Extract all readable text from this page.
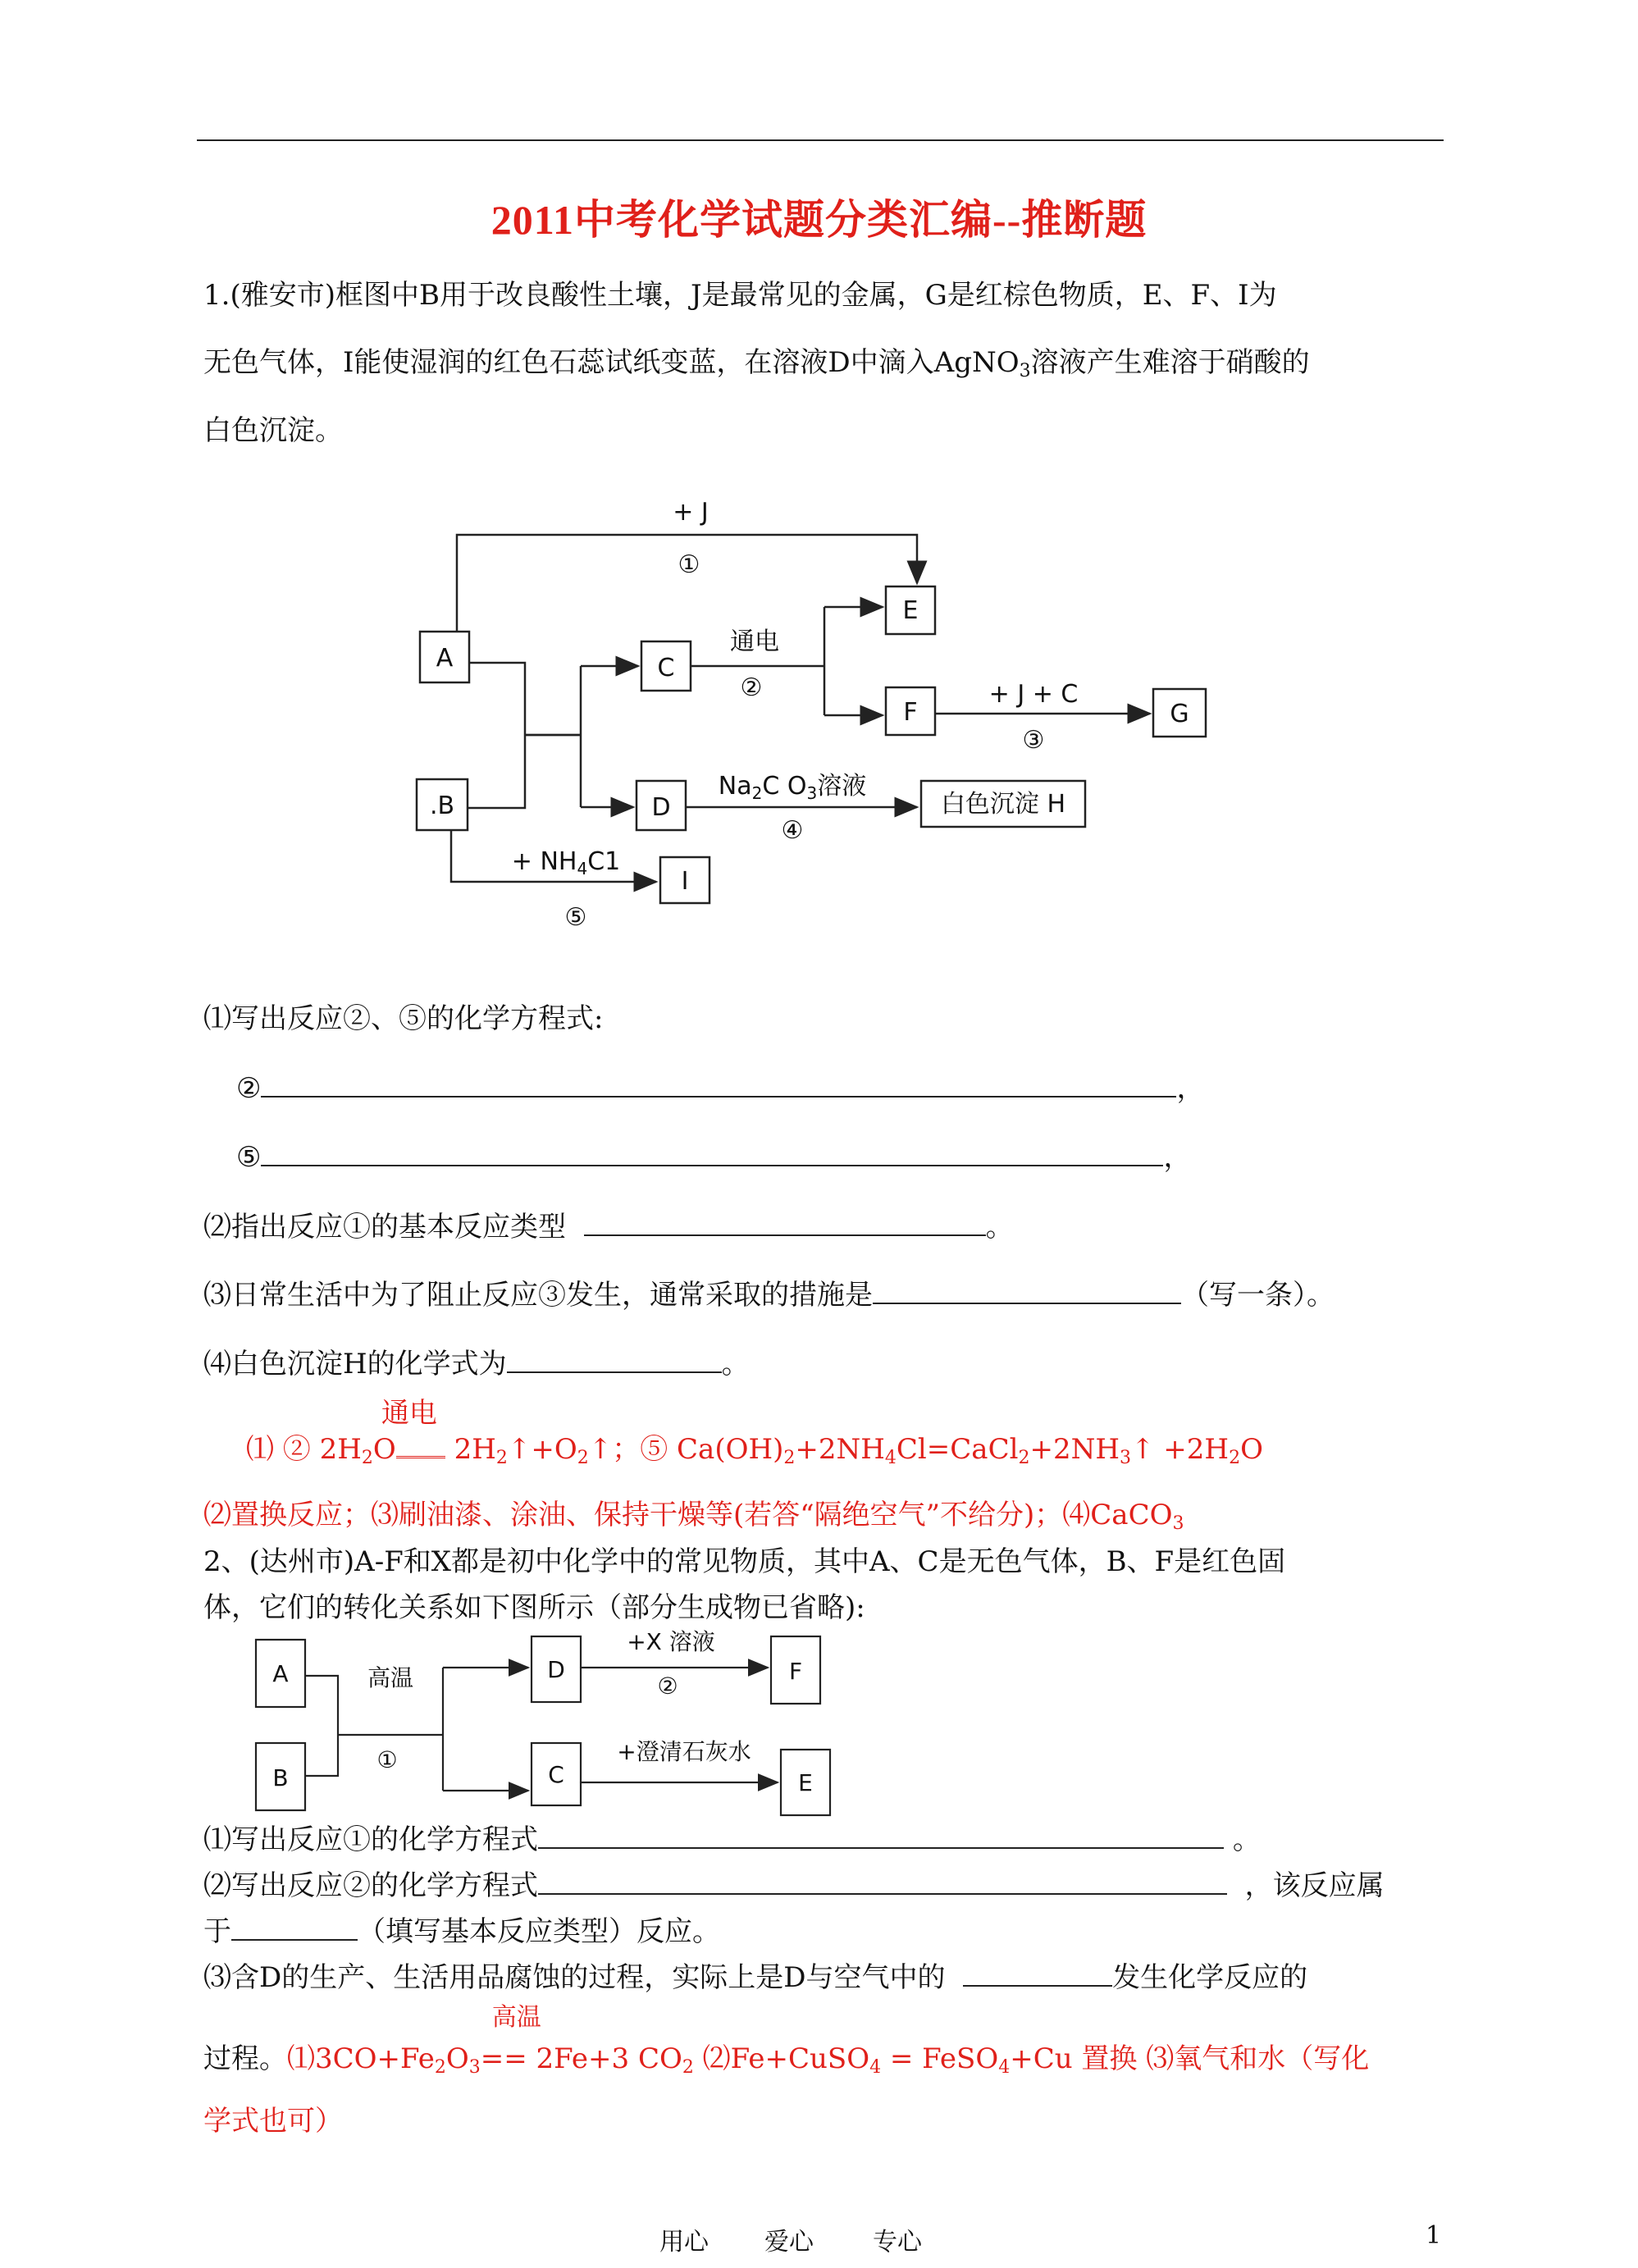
2011中考化学试题分类汇编--推断题
1.(雅安市)框图中B用于改良酸性土壤，J是最常见的金属，G是红棕色物质，E、F、I为
无色气体，I能使湿润的红色石蕊试纸变蓝，在溶液D中滴入AgNO$_3$溶液产生难溶于硝酸的
白色沉淀。
A
.B
C
D
E
F	G
白色沉淀 H
I
+ J
①
通电
②	+ J + C
③
$Na_2C$ $O_3$溶液
④
+ $NH_4C1$
⑤
⑴写出反应②、⑤的化学方程式:
②	，
⑤	，
⑵指出反应①的基本反应类型	。
⑶日常生活中为了阻止反应③发生，通常采取的措施是	（写一条）。
⑷白色沉淀H的化学式为	。
⑴ ② $2H_2O$
通电
$2H_2↑+O_2↑$；⑤ $Ca(OH)_2+2NH_4Cl=CaCl_2+2NH_3↑ +2H_2O$
⑵置换反应；⑶刷油漆、涂油、保持干燥等(若答“隔绝空气”不给分)；⑷CaCO$_3$
2、(达州市)A-F和X都是初中化学中的常见物质，其中A、C是无色气体，B、F是红色固
体，它们的转化关系如下图所示（部分生成物已省略):
A
B
D
C
F
E
高温
①
+X 溶液
②
+澄清石灰水
⑴写出反应①的化学方程式	。
⑵写出反应②的化学方程式	，该反应属
于	（填写基本反应类型）反应。
⑶含D的生产、生活用品腐蚀的过程，实际上是D与空气中的	发生化学反应的
过程。$⑴3CO+Fe_2O_3==$
高温
2Fe+3 $CO_2$ ⑵Fe+CuSO$_4$ = FeSO$_4$+Cu 置换 ⑶氧气和水（写化
学式也可）
用心 爱心 专心	1
